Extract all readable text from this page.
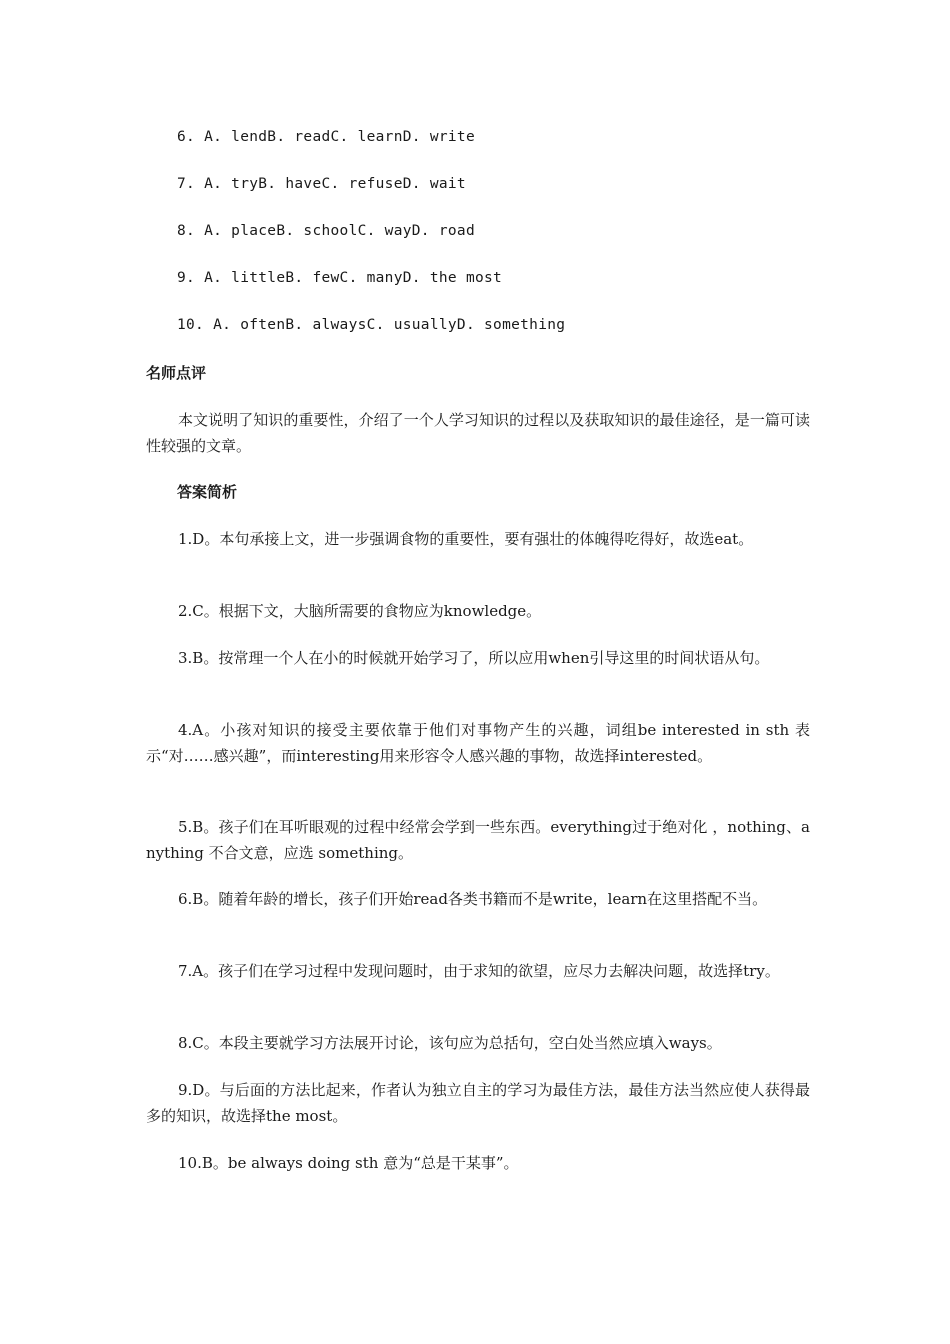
6. A. lendB. readC. learnD. write
7. A. tryB. haveC. refuseD. wait
8. A. placeB. schoolC. wayD. road
9. A. littleB. fewC. manyD. the most
10. A. oftenB. alwaysC. usuallyD. something
名师点评
本文说明了知识的重要性，介绍了一个人学习知识的过程以及获取知识的最佳途径，是一篇可读性较强的文章。
答案简析
1.D。本句承接上文，进一步强调食物的重要性，要有强壮的体魄得吃得好，故选eat。
2.C。根据下文，大脑所需要的食物应为knowledge。
3.B。按常理一个人在小的时候就开始学习了，所以应用when引导这里的时间状语从句。
4.A。小孩对知识的接受主要依靠于他们对事物产生的兴趣，词组be interested in sth 表示“对……感兴趣”，而interesting用来形容令人感兴趣的事物，故选择interested。
5.B。孩子们在耳听眼观的过程中经常会学到一些东西。everything过于绝对化 ，nothing、anything 不合文意，应选 something。
6.B。随着年龄的增长，孩子们开始read各类书籍而不是write，learn在这里搭配不当。
7.A。孩子们在学习过程中发现问题时，由于求知的欲望，应尽力去解决问题，故选择try。
8.C。本段主要就学习方法展开讨论，该句应为总括句，空白处当然应填入ways。
9.D。与后面的方法比起来，作者认为独立自主的学习为最佳方法，最佳方法当然应使人获得最多的知识，故选择the most。
10.B。be always doing sth 意为“总是干某事”。
